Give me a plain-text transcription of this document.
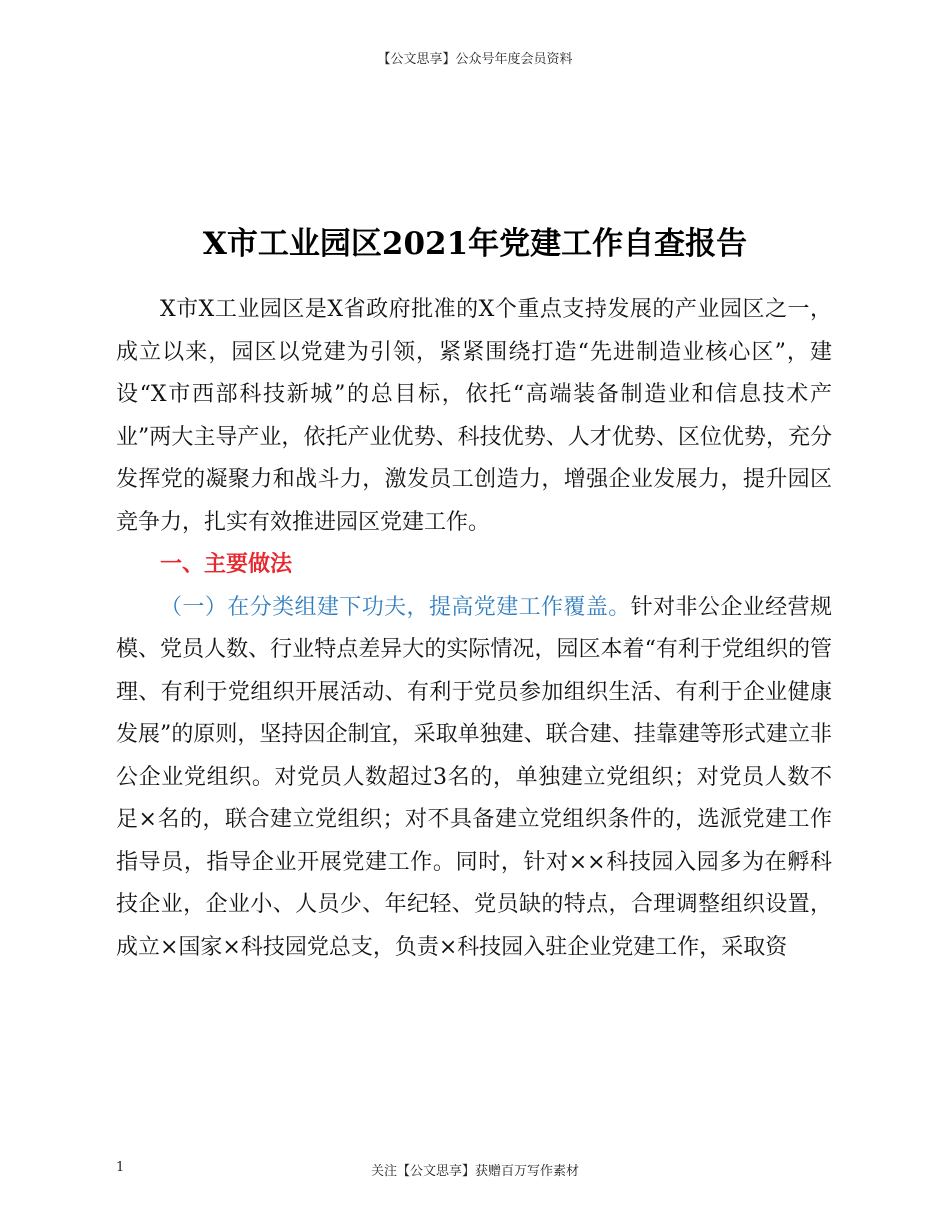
【公文思享】公众号年度会员资料
X市工业园区2021年党建工作自查报告

X市X工业园区是X省政府批准的X个重点支持发展的产业园区之一，成立以来，园区以党建为引领，紧紧围绕打造“先进制造业核心区”，建设“X市西部科技新城”的总目标，依托“高端装备制造业和信息技术产业”两大主导产业，依托产业优势、科技优势、人才优势、区位优势，充分发挥党的凝聚力和战斗力，激发员工创造力，增强企业发展力，提升园区竞争力，扎实有效推进园区党建工作。

一、主要做法

（一）在分类组建下功夫，提高党建工作覆盖。针对非公企业经营规模、党员人数、行业特点差异大的实际情况，园区本着“有利于党组织的管理、有利于党组织开展活动、有利于党员参加组织生活、有利于企业健康发展”的原则，坚持因企制宜，采取单独建、联合建、挂靠建等形式建立非公企业党组织。对党员人数超过3名的，单独建立党组织；对党员人数不足×名的，联合建立党组织；对不具备建立党组织条件的，选派党建工作指导员，指导企业开展党建工作。同时，针对××科技园入园多为在孵科技企业，企业小、人员少、年纪轻、党员缺的特点，合理调整组织设置，成立×国家×科技园党总支，负责×科技园入驻企业党建工作，采取资

1	关注【公文思享】获赠百万写作素材
